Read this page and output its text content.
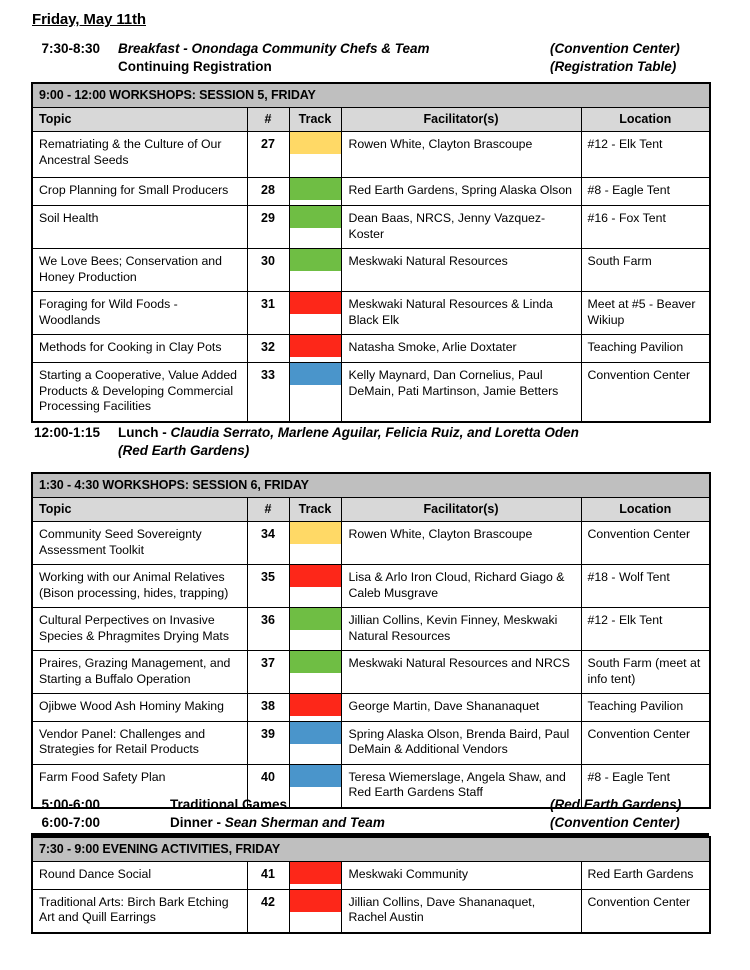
Friday, May 11th
7:30-8:30	Breakfast - Onondaga Community Chefs & Team	(Convention Center)
Continuing Registration	(Registration Table)
9:00 - 12:00 WORKSHOPS: SESSION 5, FRIDAY				
Topic	#	Track	Facilitator(s)	Location
Rematriating & the Culture of Our Ancestral Seeds	27		Rowen White, Clayton Brascoupe	#12 - Elk Tent
Crop Planning for Small Producers	28		Red Earth Gardens, Spring Alaska Olson	#8 - Eagle Tent
Soil Health	29		Dean Baas, NRCS, Jenny Vazquez-Koster	#16 - Fox Tent
We Love Bees; Conservation and Honey Production	30		Meskwaki Natural Resources	South Farm
Foraging for Wild Foods - Woodlands	31		Meskwaki Natural Resources & Linda Black Elk	Meet at #5 - Beaver Wikiup
Methods for Cooking in Clay Pots	32		Natasha Smoke, Arlie Doxtater	Teaching Pavilion
Starting a Cooperative, Value Added Products & Developing Commercial Processing Facilities	33		Kelly Maynard, Dan Cornelius, Paul DeMain, Pati Martinson, Jamie Betters	Convention Center
12:00-1:15	Lunch - Claudia Serrato, Marlene Aguilar, Felicia Ruiz, and Loretta Oden
(Red Earth Gardens)
1:30 - 4:30 WORKSHOPS: SESSION 6, FRIDAY				
Topic	#	Track	Facilitator(s)	Location
Community Seed Sovereignty Assessment Toolkit	34		Rowen White, Clayton Brascoupe	Convention Center
Working with our Animal Relatives (Bison processing, hides, trapping)	35		Lisa & Arlo Iron Cloud, Richard Giago & Caleb Musgrave	#18 - Wolf Tent
Cultural Perpectives on Invasive Species & Phragmites Drying Mats	36		Jillian Collins, Kevin Finney, Meskwaki Natural Resources	#12 - Elk Tent
Praires, Grazing Management, and Starting a Buffalo Operation	37		Meskwaki Natural Resources and NRCS	South Farm (meet at info tent)
Ojibwe Wood Ash Hominy Making	38		George Martin, Dave Shananaquet	Teaching Pavilion
Vendor Panel: Challenges and Strategies for Retail Products	39		Spring Alaska Olson, Brenda Baird, Paul DeMain & Additional Vendors	Convention Center
Farm Food Safety Plan	40		Teresa Wiemerslage, Angela Shaw, and Red Earth Gardens Staff	#8 - Eagle Tent
5:00-6:00	Traditional Games	(Red Earth Gardens)
6:00-7:00	Dinner - Sean Sherman and Team	(Convention Center)
7:30 - 9:00 EVENING ACTIVITIES, FRIDAY				
Round Dance Social	41		Meskwaki Community	Red Earth Gardens
Traditional Arts: Birch Bark Etching Art and Quill Earrings	42		Jillian Collins, Dave Shananaquet, Rachel Austin	Convention Center
